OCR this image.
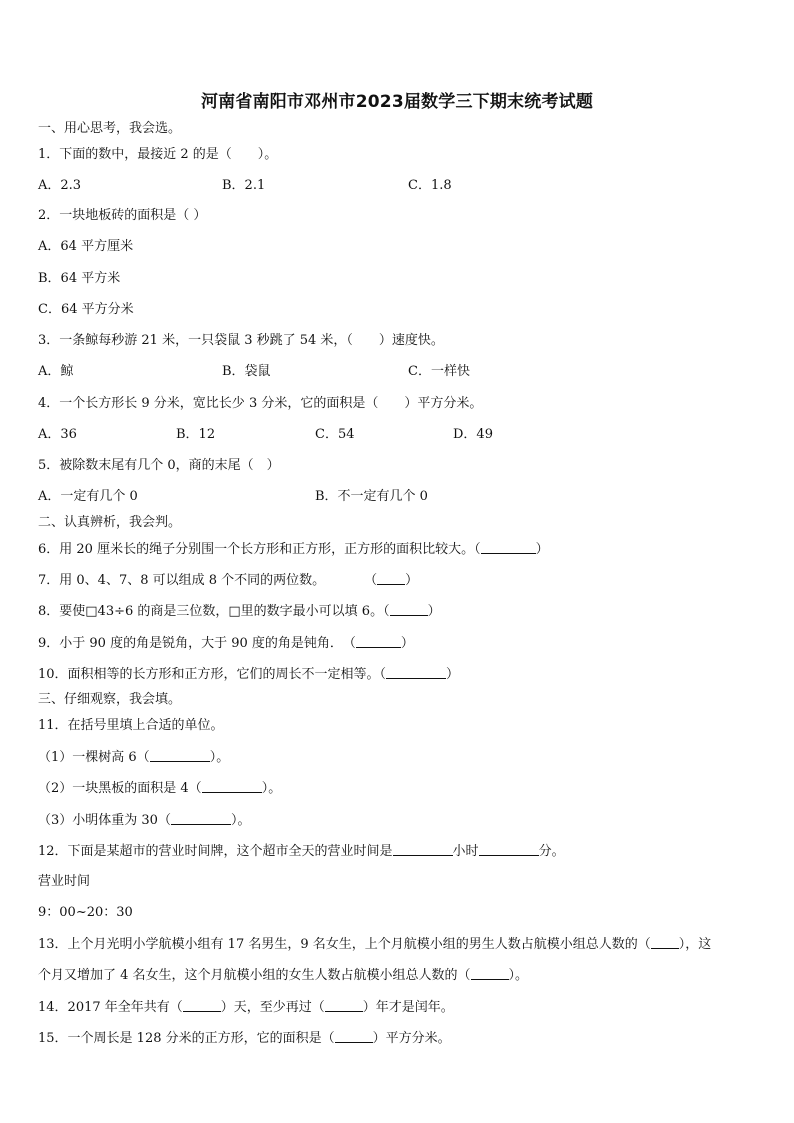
河南省南阳市邓州市2023届数学三下期末统考试题
一、用心思考，我会选。
1．下面的数中，最接近 2 的是（　　）。
A．2.3	B．2.1	C．1.8
2．一块地板砖的面积是（ ）
A．64 平方厘米
B．64 平方米
C．64 平方分米
3．一条鲸每秒游 21 米，一只袋鼠 3 秒跳了 54 米，（　　）速度快。
A．鲸	B．袋鼠	C．一样快
4．一个长方形长 9 分米，宽比长少 3 分米，它的面积是（　　）平方分米。
A．36	B．12	C．54	D．49
5．被除数末尾有几个 0，商的末尾（　）
A．一定有几个 0	B．不一定有几个 0
二、认真辨析，我会判。
6．用 20 厘米长的绳子分别围一个长方形和正方形，正方形的面积比较大。（	）
7．用 0、4、7、8 可以组成 8 个不同的两位数。　　　　（ ）
8．要使□43÷6 的商是三位数，□里的数字最小可以填 6。（	）
9．小于 90 度的角是锐角，大于 90 度的角是钝角．　（	）
10．面积相等的长方形和正方形，它们的周长不一定相等。（	）
三、仔细观察，我会填。
11．在括号里填上合适的单位。
（1）一棵树高 6（	）。
（2）一块黑板的面积是 4（	）。
（3）小明体重为 30（	）。
12．下面是某超市的营业时间牌，这个超市全天的营业时间是	小时	分。
营业时间
9：00~20：30
13．上个月光明小学航模小组有 17 名男生，9 名女生，上个月航模小组的男生人数占航模小组总人数的（ ），这
个月又增加了 4 名女生，这个月航模小组的女生人数占航模小组总人数的（	）。
14．2017 年全年共有（	）天，至少再过（	）年才是闰年。
15．一个周长是 128 分米的正方形，它的面积是（	）平方分米。
